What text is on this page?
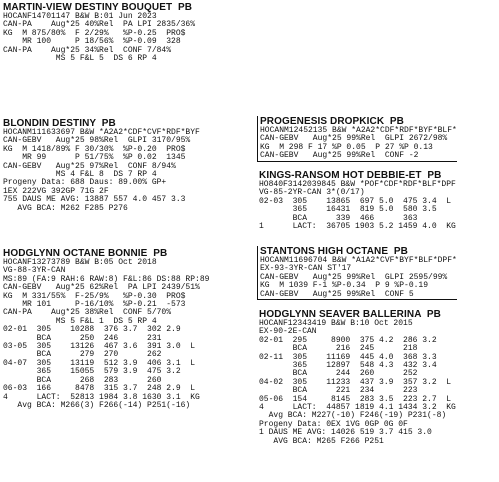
MARTIN-VIEW DESTINY BOUQUET  PB
HOCANF14701147 B&W B:01 Jun 2023
CAN-PA    Aug*25 40%Rel  PA LPI 2835/36%
KG  M 875/80%  F 2/29%   %P-0.25  PRO$
MR 100     P 18/56%  %P-0.09  328
CAN-PA    Aug*25 34%Rel  CONF 7/84%
MS 5 F&L 5  DS 6 RP 4
BLONDIN DESTINY  PB
HOCANM111633697 B&W *A2A2*CDF*CVF*RDF*BYF
CAN-GEBV   Aug*25 98%Rel  GLPI 3170/95%
KG  M 1418/89% F 30/30%  %P-0.20  PRO$
MR 99      P 51/75%  %P 0.02  1345
CAN-GEBV   Aug*25 97%Rel  CONF 8/94%
MS 4 F&L 8  DS 7 RP 4
Progeny Data: 688 Daus: 89.00% GP+
1EX 222VG 392GP 71G 2F
755 DAUS ME AVG: 13887 557 4.0 457 3.3
AVG BCA: M262 F285 P276
HODGLYNN OCTANE BONNIE  PB
HOCANF13273789 B&W B:05 Oct 2018
VG-88-3YR-CAN
MS:89 (FA:9 RAH:6 RAW:8) F&L:86 DS:88 RP:89
CAN-GEBV   Aug*25 62%Rel  PA LPI 2439/51%
KG  M 331/55%  F-25/9%   %P-0.30  PRO$
MR 101     P-16/10%  %P-0.21  -573
CAN-PA    Aug*25 38%Rel  CONF 5/70%
MS 5 F&L 1  DS 5 RP 4
02-01  305    10288  376 3.7  302 2.9
BCA      250  246      231
03-05  305    13126  467 3.6  391 3.0  L
BCA      279  270      262
04-07  305    13119  512 3.9  406 3.1  L
365    15055  579 3.9  475 3.2
BCA      268  283      260
06-03  166     8478  315 3.7  248 2.9  L
4      LACT:  52813 1984 3.8 1630 3.1  KG
Avg BCA: M266(3) F266(-14) P251(-16)
PROGENESIS DROPKICK  PB
HOCANM12452135 B&W *A2A2*CDF*RDF*BYF*BLF*
CAN-GEBV   Aug*25 99%Rel  GLPI 2672/98%
KG  M 298 F 17 %P 0.05  P 27 %P 0.13
CAN-GEBV   Aug*25 99%Rel  CONF -2
KINGS-RANSOM HOT DEBBIE-ET  PB
HO840F3142039845 B&W *POF*CDF*RDF*BLF*DPF
VG-85-2YR-CAN 3*(0/17)
02-03  305    13865  697 5.0  475 3.4  L
365    16431  819 5.0  580 3.5
BCA      339  466      363
1      LACT:  36705 1903 5.2 1459 4.0  KG
STANTONS HIGH OCTANE  PB
HOCANM11696704 B&W *A1A2*CVF*BYF*BLF*DPF*
EX-93-3YR-CAN ST'17
CAN-GEBV   Aug*25 99%Rel  GLPI 2595/99%
KG  M 1039 F-1 %P-0.34  P 9 %P-0.19
CAN-GEBV   Aug*25 99%Rel  CONF 5
HODGLYNN SEAVER BALLERINA  PB
HOCANF12343419 B&W B:10 Oct 2015
EX-90-2E-CAN
02-01  295     8900  375 4.2  286 3.2
BCA      216  245      218
02-11  305    11169  445 4.0  368 3.3
365    12897  548 4.3  432 3.4
BCA      244  260      252
04-02  305    11233  437 3.9  357 3.2  L
BCA      221  234      223
05-06  154     8145  283 3.5  223 2.7  L
4      LACT:  44857 1819 4.1 1434 3.2  KG
Avg BCA: M227(-10) F246(-19) P231(-8)
Progeny Data: 0EX 1VG 0GP 0G 0F
1 DAUS ME AVG: 14026 519 3.7 415 3.0
AVG BCA: M265 F266 P251
